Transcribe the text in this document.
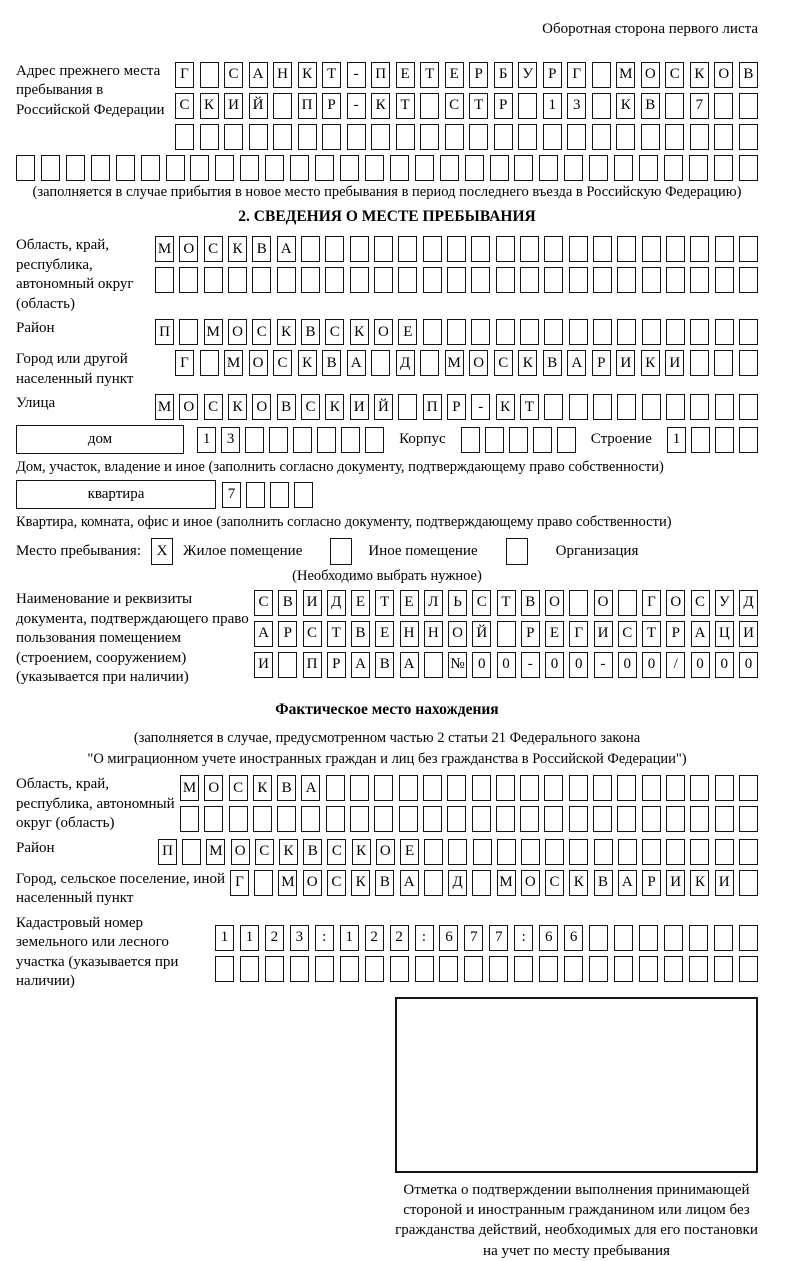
Оборотная сторона первого листа
Адрес прежнего места пребывания в Российской Федерации
Г	С А Н К Т	-	П Е	Т	Е	Р	Б У	Р	Г	М О С К О В
С К И Й	П Р	-	К Т	С Т	Р	1	3	К В	7
(заполняется в случае прибытия в новое место пребывания в период последнего въезда в Российскую Федерацию)
2. СВЕДЕНИЯ О МЕСТЕ ПРЕБЫВАНИЯ
Область, край, республика, автономный округ (область)
М О С К В А
Район	П М О С К В С К О Е
Город или другой населенный пункт
Г	М О С К В А	Д М О С К В А Р И К И
Улица	М О С К О В С К И Й	П Р	-	К Т
дом	1	3	Корпус	Строение	1
Дом, участок, владение и иное (заполнить согласно документу, подтверждающему право собственности)
квартира	7
Квартира, комната, офис и иное (заполнить согласно документу, подтверждающему право собственности)
Место пребывания:	X	Жилое помещение	Иное помещение	Организация
(Необходимо выбрать нужное)
Наименование и реквизиты документа, подтверждающего право пользования помещением (строением, сооружением) (указывается при наличии)
С В И Д Е	Т	Е Л Ь С Т В О	О	Г О С У Д
А Р	С Т В Е Н Н О Й	Р	Е	Г И С Т	Р А Ц И
И	П Р А В А № 0	0	-	0	0	-	0	0	/	0	0	0
Фактическое место нахождения
(заполняется в случае, предусмотренном частью 2 статьи 21 Федерального закона
"О миграционном учете иностранных граждан и лиц без гражданства в Российской Федерации")
Область, край, республика, автономный округ (область)
М О С К В А
Район	П М О С К В С К О Е
Город, сельское поселение, иной населенный пункт
Г	М О С К В А	Д М О С К В А Р И К И
Кадастровый номер земельного или лесного участка (указывается при наличии)
1	1	2	3	:	1	2	2	:	6	7	7	:	6	6
Отметка о подтверждении выполнения принимающей стороной и иностранным гражданином или лицом без гражданства действий, необходимых для его постановки на учет по месту пребывания
